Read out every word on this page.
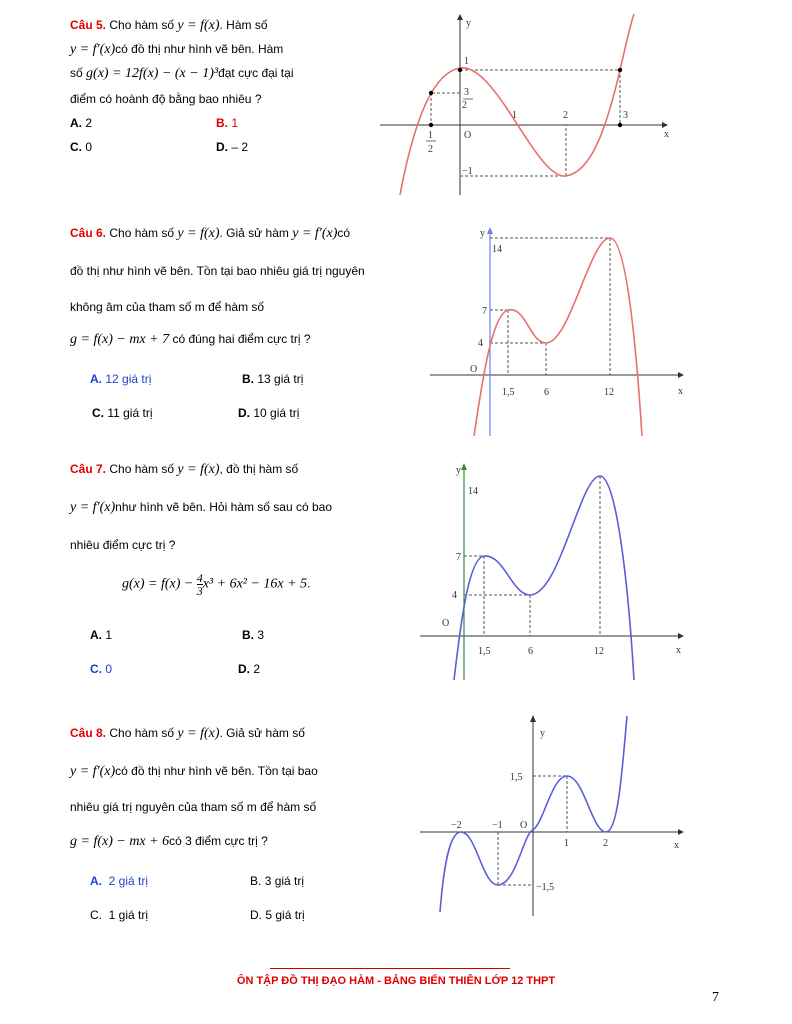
Câu 5. Cho hàm số y = f(x). Hàm số
y = f′(x)có đồ thị như hình vẽ bên. Hàm
số g(x) = 12f(x) − (x − 1)³đạt cực đại tại
điểm có hoành độ bằng bao nhiêu ?
A. 2	B. 1
C. 0	D. – 2
x
y
O
1	2	3
1
−1
3
2
1
2
Câu 6. Cho hàm số y = f(x). Giả sử hàm y = f′(x)có
đồ thị như hình vẽ bên. Tồn tại bao nhiêu giá trị nguyên
không âm của tham số m để hàm số
g = f(x) − mx + 7 có đúng hai điểm cực trị ?
A. 12 giá trị	B. 13 giá trị
C. 11 giá trị	D. 10 giá trị
x
y
O
14
7
4
1,5	6	12
Câu 7. Cho hàm số y = f(x), đồ thị hàm số
y = f′(x)như hình vẽ bên. Hỏi hàm số sau có bao
nhiêu điểm cực trị ?
$g(x) = f(x) - \frac{4}{3} x^3 + 6x^2 - 16x + 5$.
A. 1	B. 3
C. 0	D. 2
x
y
O
14
7
4
1,5	6	12
Câu 8. Cho hàm số y = f(x). Giả sử hàm số
y = f′(x)có đồ thị như hình vẽ bên. Tồn tại bao
nhiêu giá trị nguyên của tham số m để hàm số
g = f(x) − mx + 6có 3 điểm cực trị ?
A. 2 giá trị	B. 3 giá trị
C. 1 giá trị	D. 5 giá trị
x
y
O
1,5
−1,5
−2	−1
1	2
ÔN TẬP ĐỒ THỊ ĐẠO HÀM - BẢNG BIẾN THIÊN LỚP 12 THPT
7
